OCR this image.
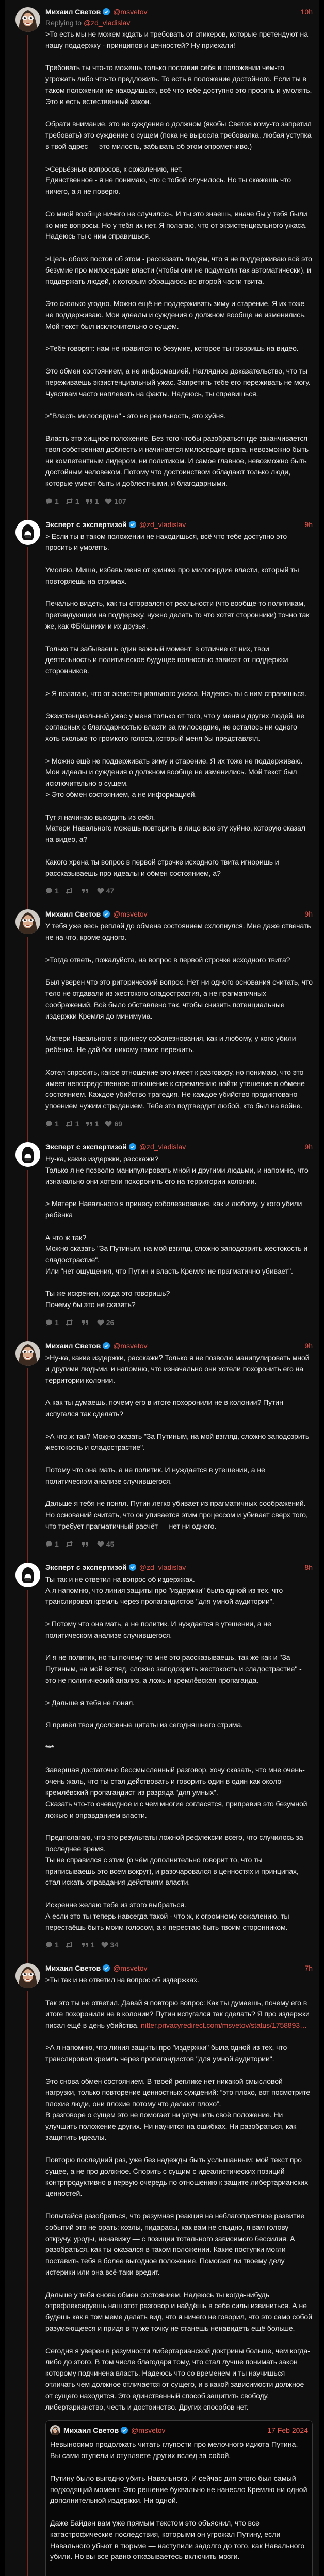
Михаил Светов @msvetov	10h
Replying to @zd_vladislav

>То есть мы не можем ждать и требовать от спикеров, которые претендуют на нашу поддержку - принципов и ценностей? Ну приехали!

Требовать ты что-то можешь только поставив себя в положении чем-то угрожать либо что-то предложить. То есть в положение достойного. Если ты в таком положении не находишься, всё что тебе доступно это просить и умолять. Это и есть естественный закон.

Обрати внимание, это не суждение о должном (якобы Светов кому-то запретил требовать) это суждение о сущем (пока не выросла требовалка, любая уступка в твой адрес — это милость, забывать об этом опрометчиво.)

>Серьёзных вопросов, к сожалению, нет.
Единственное - я не понимаю, что с тобой случилось. Но ты скажешь что ничего, а я не поверю.

Со мной вообще ничего не случилось. И ты это знаешь, иначе бы у тебя были ко мне вопросы. Но у тебя их нет. Я полагаю, что от экзистенциального ужаса. Надеюсь ты с ним справишься.

>Цель обоих постов об этом - рассказать людям, что я не поддерживаю всё это безумие про милосердие власти (чтобы они не подумали так автоматически), и поддержать людей, к которым обращаюсь во второй части твита.

Это сколько угодно. Можно ещё не поддерживать зиму и старение. Я их тоже не поддерживаю. Мои идеалы и суждения о должном вообще не изменились. Мой текст был исключительно о сущем.

>Тебе говорят: нам не нравится то безумие, которое ты говоришь на видео.

Это обмен состоянием, а не информацией. Наглядное доказательство, что ты переживаешь экзистенциальный ужас. Запретить тебе его переживать не могу. Чувствам часто наплевать на факты. Надеюсь, ты справишься.

>"Власть милосердна" - это не реальность, это хуйня.

Власть это хищное положение. Без того чтобы разобраться где заканчивается твоя собственная доблесть и начинается милосердие врага, невозможно быть ни компетентным лидером, ни политиком. И самое главное, невозможно быть достойным человеком. Потому что достоинством обладают только люди, которые умеют быть и доблестными, и благодарными.

1 1 1 107
Эксперт с экспертизой @zd_vladislav	9h

> Если ты в таком положении не находишься, всё что тебе доступно это просить и умолять.

Умоляю, Миша, избавь меня от кринжа про милосердие власти, который ты повторяешь на стримах.

Печально видеть, как ты оторвался от реальности (что вообще-то политикам, претендующим на поддержку, нужно делать то что хотят сторонники) точно так же, как ФБКшники и их друзья.

Только ты забываешь один важный момент: в отличие от них, твои деятельность и политическое будущее полностью зависят от поддержки сторонников.

> Я полагаю, что от экзистенциального ужаса. Надеюсь ты с ним справишься.

Экзистенциальный ужас у меня только от того, что у меня и других людей, не согласных с благодарностью власти за милосердие, не осталось ни одного хоть сколько-то громкого голоса, который меня бы представлял.

> Можно ещё не поддерживать зиму и старение. Я их тоже не поддерживаю. Мои идеалы и суждения о должном вообще не изменились. Мой текст был исключительно о сущем.
> Это обмен состоянием, а не информацией.

Тут я начинаю выходить из себя.
Матери Навального можешь повторить в лицо всю эту хуйню, которую сказал на видео, а?

Какого хрена ты вопрос в первой строчке исходного твита игноришь и рассказываешь про идеалы и обмен состоянием, а?

1	47
Михаил Светов @msvetov	9h

У тебя уже весь реплай до обмена состоянием схлопнулся. Мне даже отвечать не на что, кроме одного.

>Тогда ответь, пожалуйста, на вопрос в первой строчке исходного твита?

Был уверен что это риторический вопрос. Нет ни одного основания считать, что тело не отдавали из жестокого сладострастия, а не прагматичных соображений. Всё было обставлено так, чтобы снизить потенциальные издержки Кремля до минимума.

Матери Навального я принесу соболезнования, как и любому, у кого убили ребёнка. Не дай бог никому такое пережить.

Хотел спросить, какое отношение это имеет к разговору, но понимаю, что это имеет непосредственное отношение к стремлению найти утешение в обмене состоянием. Каждое убийство трагедия. Не каждое убийство продиктовано упоением чужим страданием. Тебе это подтвердит любой, кто был на войне.

1 1 1 69
Эксперт с экспертизой @zd_vladislav	9h

Ну-ка, какие издержки, расскажи?
Только я не позволю манипулировать мной и другими людьми, и напомню, что изначально они хотели похоронить его на территории колонии.

> Матери Навального я принесу соболезнования, как и любому, у кого убили ребёнка

А что ж так?
Можно сказать "За Путиным, на мой взгляд, сложно заподозрить жестокость и сладострастие".
Или "нет ощущения, что Путин и власть Кремля не прагматично убивает".

Ты же искренен, когда это говоришь?
Почему бы это не сказать?

1	26
Михаил Светов @msvetov	9h

>Ну-ка, какие издержки, расскажи? Только я не позволю манипулировать мной и другими людьми, и напомню, что изначально они хотели похоронить его на территории колонии.

А как ты думаешь, почему его в итоге похоронили не в колонии? Путин испугался так сделать?

>А что ж так? Можно сказать "За Путиным, на мой взгляд, сложно заподозрить жестокость и сладострастие".

Потому что она мать, а не политик. И нуждается в утешении, а не политическом анализе случившегося.

Дальше я тебя не понял. Путин легко убивает из прагматичных соображений. Но оснований считать, что он упивается этим процессом и убивает сверх того, что требует прагматичный расчёт — нет ни одного.

1	45
Эксперт с экспертизой @zd_vladislav	8h

Ты так и не ответил на вопрос об издержках.
А я напомню, что линия защиты про "издержки" была одной из тех, что транслировал кремль через пропагандистов "для умной аудитории".

> Потому что она мать, а не политик. И нуждается в утешении, а не политическом анализе случившегося.

И я не политик, но ты почему-то мне это рассказываешь, так же как и "За Путиным, на мой взгляд, сложно заподозрить жестокость и сладострастие" - это не политический анализ, а ложь и кремлёвская пропаганда.

> Дальше я тебя не понял.

Я привёл твои дословные цитаты из сегодняшнего стрима.

***

Завершая достаточно бессмысленный разговор, хочу сказать, что мне очень-очень жаль, что ты стал действовать и говорить один в один как около-кремлёвский пропагандист из разряда "для умных".
Сказать что-то очевидное и с чем многие согласятся, приправив это безумной ложью и оправданием власти.

Предполагаю, что это результаты ложной рефлексии всего, что случилось за последнее время.
Ты не справился с этим (о чём дополнительно говорит то, что ты приписываешь это всем вокруг), и разочаровался в ценностях и принципах, стал искать оправдания действиям власти.

Искренне желаю тебе из этого выбраться.
А если это ты теперь навсегда такой - что ж, к огромному сожалению, ты перестаёшь быть моим голосом, а я перестаю быть твоим сторонником.

1	1 34
Михаил Светов @msvetov	7h

>Ты так и не ответил на вопрос об издержках.

Так это ты не ответил. Давай я повторю вопрос: Как ты думаешь, почему его в итоге похоронили не в колонии? Путин испугался так сделать? Я про издержки писал ещё в день убийства. nitter.privacyredirect.com/msvetov/status/1758893…

>А я напомню, что линия защиты про "издержки" была одной из тех, что транслировал кремль через пропагандистов "для умной аудитории".

Это снова обмен состоянием. В твоей реплике нет никакой смысловой нагрузки, только повторение ценностных суждений: “это плохо, вот посмотрите плохие люди, они плохие потому что делают плохо”.
В разговоре о сущем это не помогает ни улучшить своё положение. Ни улучшить положение других. Ни научится на ошибках. Ни разобраться, как защитить идеалы.

Повторю последний раз, уже без надежды быть услышанным: мой текст про сущее, а не про должное. Спорить с сущим с идеалистических позиций — контрпродуктивно в первую очередь по отношению к защите либертарианских ценностей.

Попытайся разобраться, что разумная реакция на неблагоприятное развитие событий это не орать: козлы, пидарасы, как вам не стыдно, я вам голову откручу, уроды, ненавижу — с позиции тотального зависимого бессилия. А разобраться, как ты оказался в таком положении. Какие поступки могли поставить тебя в более выгодное положение. Помогает ли твоему делу истерики или она всё-таки вредит.

Дальше у тебя снова обмен состоянием. Надеюсь ты когда-нибудь отрефлексируешь наш этот разговор и найдёшь в себе силы извиниться. А не будешь как в том меме делать вид, что я ничего не говорил, что это само собой разумеющееся и придя в ту же точку не станешь ненавидеть ещё больше.

Сегодня я уверен в разумности либертарианской доктрины больше, чем когда-либо до этого. В том числе благодаря тому, что стал лучше понимать закон которому подчинена власть. Надеюсь что со временем и ты научишься отличать чем должное отличается от сущего, и в какой зависимости должное от сущего находится. Это единственный способ защитить свободу, либертарианство, честь и достоинство. Других способов нет.

Михаил Светов @msvetov	17 Feb 2024

Невыносимо продолжать читать глупости про мелочного идиота Путина. Вы сами отупели и отупляете других вслед за собой.

Путину было выгодно убить Навального. И сейчас для этого был самый подходящий момент. Это решение буквально не нанесло Кремлю ни одной дополнительной издержки. Ни одной.

Даже Байден вам уже прямым текстом это объяснил, что все катастрофические последствия, которыми он угрожал Путину, если Навального убьют в тюрьме — наступили задолго до того, как Навального убили. Но вы все равно отказываетесь включить мозги.
